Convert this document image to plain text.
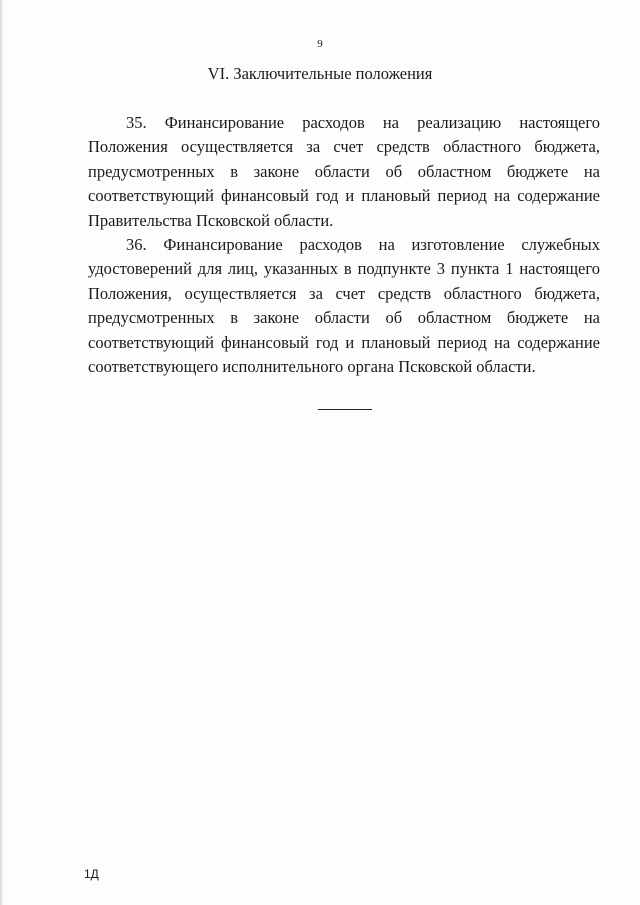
9
VI. Заключительные положения

35. Финансирование расходов на реализацию настоящего Положения осуществляется за счет средств областного бюджета, предусмотренных в законе области об областном бюджете на соответствующий финансовый год и плановый период на содержание Правительства Псковской области.

36. Финансирование расходов на изготовление служебных удостоверений для лиц, указанных в подпункте 3 пункта 1 настоящего Положения, осуществляется за счет средств областного бюджета, предусмотренных в законе области об областном бюджете на соответствующий финансовый год и плановый период на содержание соответствующего исполнительного органа Псковской области.

1Д
